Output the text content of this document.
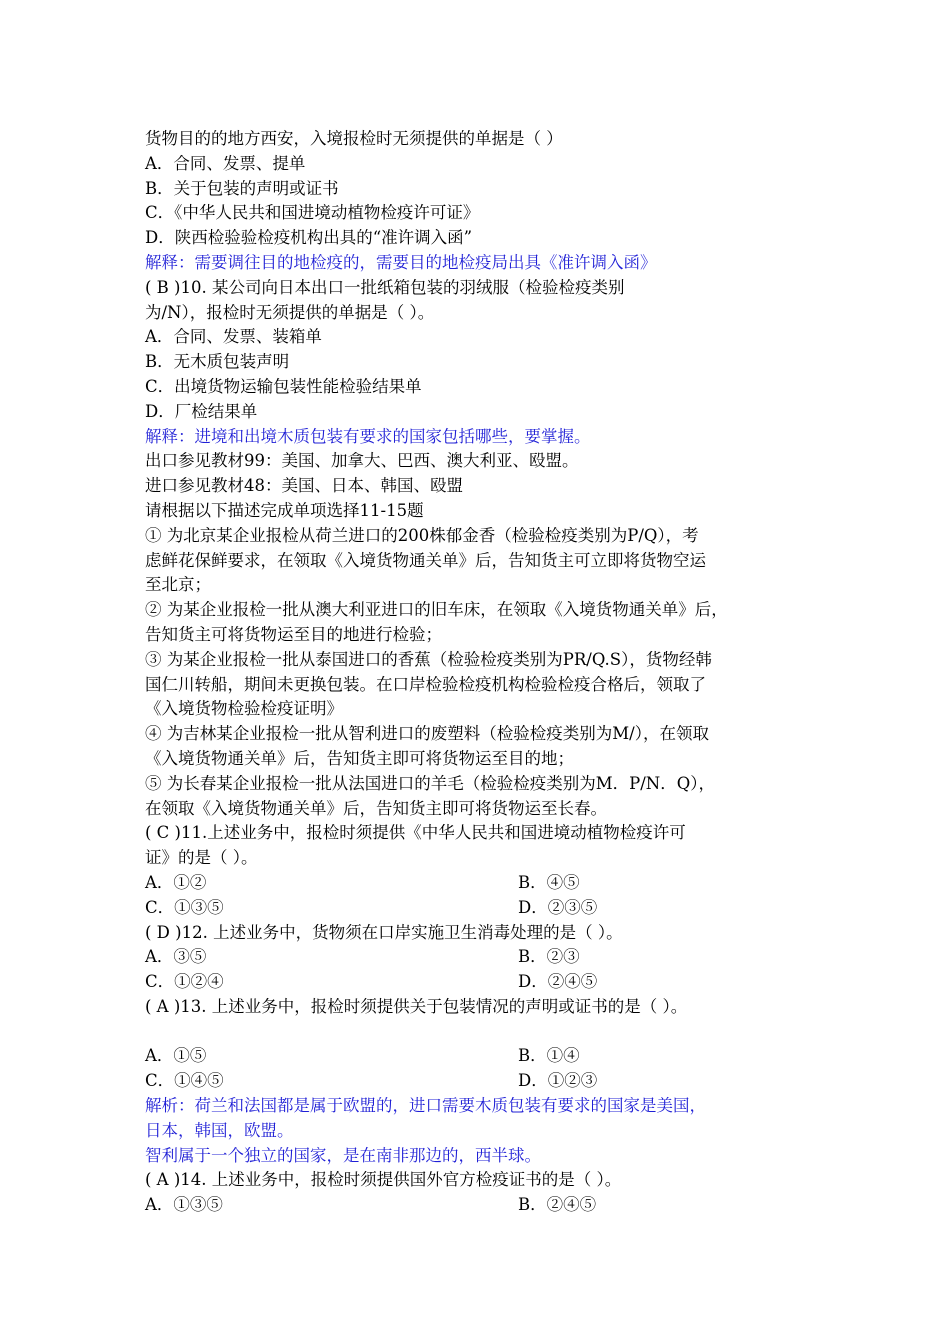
货物目的的地方西安，入境报检时无须提供的单据是（ ）
A．合同、发票、提单
B．关于包装的声明或证书
C．《中华人民共和国进境动植物检疫许可证》
D．陕西检验验检疫机构出具的“准许调入函”
解释：需要调往目的地检疫的，需要目的地检疫局出具《准许调入函》
( B )10. 某公司向日本出口一批纸箱包装的羽绒服（检验检疫类别
为/N），报检时无须提供的单据是（ ）。
A．合同、发票、装箱单
B．无木质包装声明
C．出境货物运输包装性能检验结果单
D．厂检结果单
解释：进境和出境木质包装有要求的国家包括哪些，要掌握。
出口参见教材99：美国、加拿大、巴西、澳大利亚、殴盟。
进口参见教材48：美国、日本、韩国、殴盟
请根据以下描述完成单项选择11-15题
① 为北京某企业报检从荷兰进口的200株郁金香（检验检疫类别为P/Q），考
虑鲜花保鲜要求，在领取《入境货物通关单》后，告知货主可立即将货物空运
至北京；
② 为某企业报检一批从澳大利亚进口的旧车床，在领取《入境货物通关单》后，
告知货主可将货物运至目的地进行检验；
③ 为某企业报检一批从泰国进口的香蕉（检验检疫类别为PR/Q.S），货物经韩
国仁川转船，期间未更换包装。在口岸检验检疫机构检验检疫合格后，领取了
《入境货物检验检疫证明》
④ 为吉林某企业报检一批从智利进口的废塑料（检验检疫类别为M/），在领取
《入境货物通关单》后，告知货主即可将货物运至目的地；
⑤ 为长春某企业报检一批从法国进口的羊毛（检验检疫类别为M．P/N．Q），
在领取《入境货物通关单》后，告知货主即可将货物运至长春。
( C )11.上述业务中，报检时须提供《中华人民共和国进境动植物检疫许可
证》的是（ ）。
A．①②	B．④⑤
C．①③⑤	D．②③⑤
( D )12. 上述业务中，货物须在口岸实施卫生消毒处理的是（ ）。
A．③⑤	B．②③
C．①②④	D．②④⑤
( A )13. 上述业务中，报检时须提供关于包装情况的声明或证书的是（ ）。
A．①⑤	B．①④
C．①④⑤	D．①②③
解析：荷兰和法国都是属于欧盟的，进口需要木质包装有要求的国家是美国，
日本，韩国，欧盟。
智利属于一个独立的国家，是在南非那边的，西半球。
( A )14. 上述业务中，报检时须提供国外官方检疫证书的是（ ）。
A．①③⑤	B．②④⑤
